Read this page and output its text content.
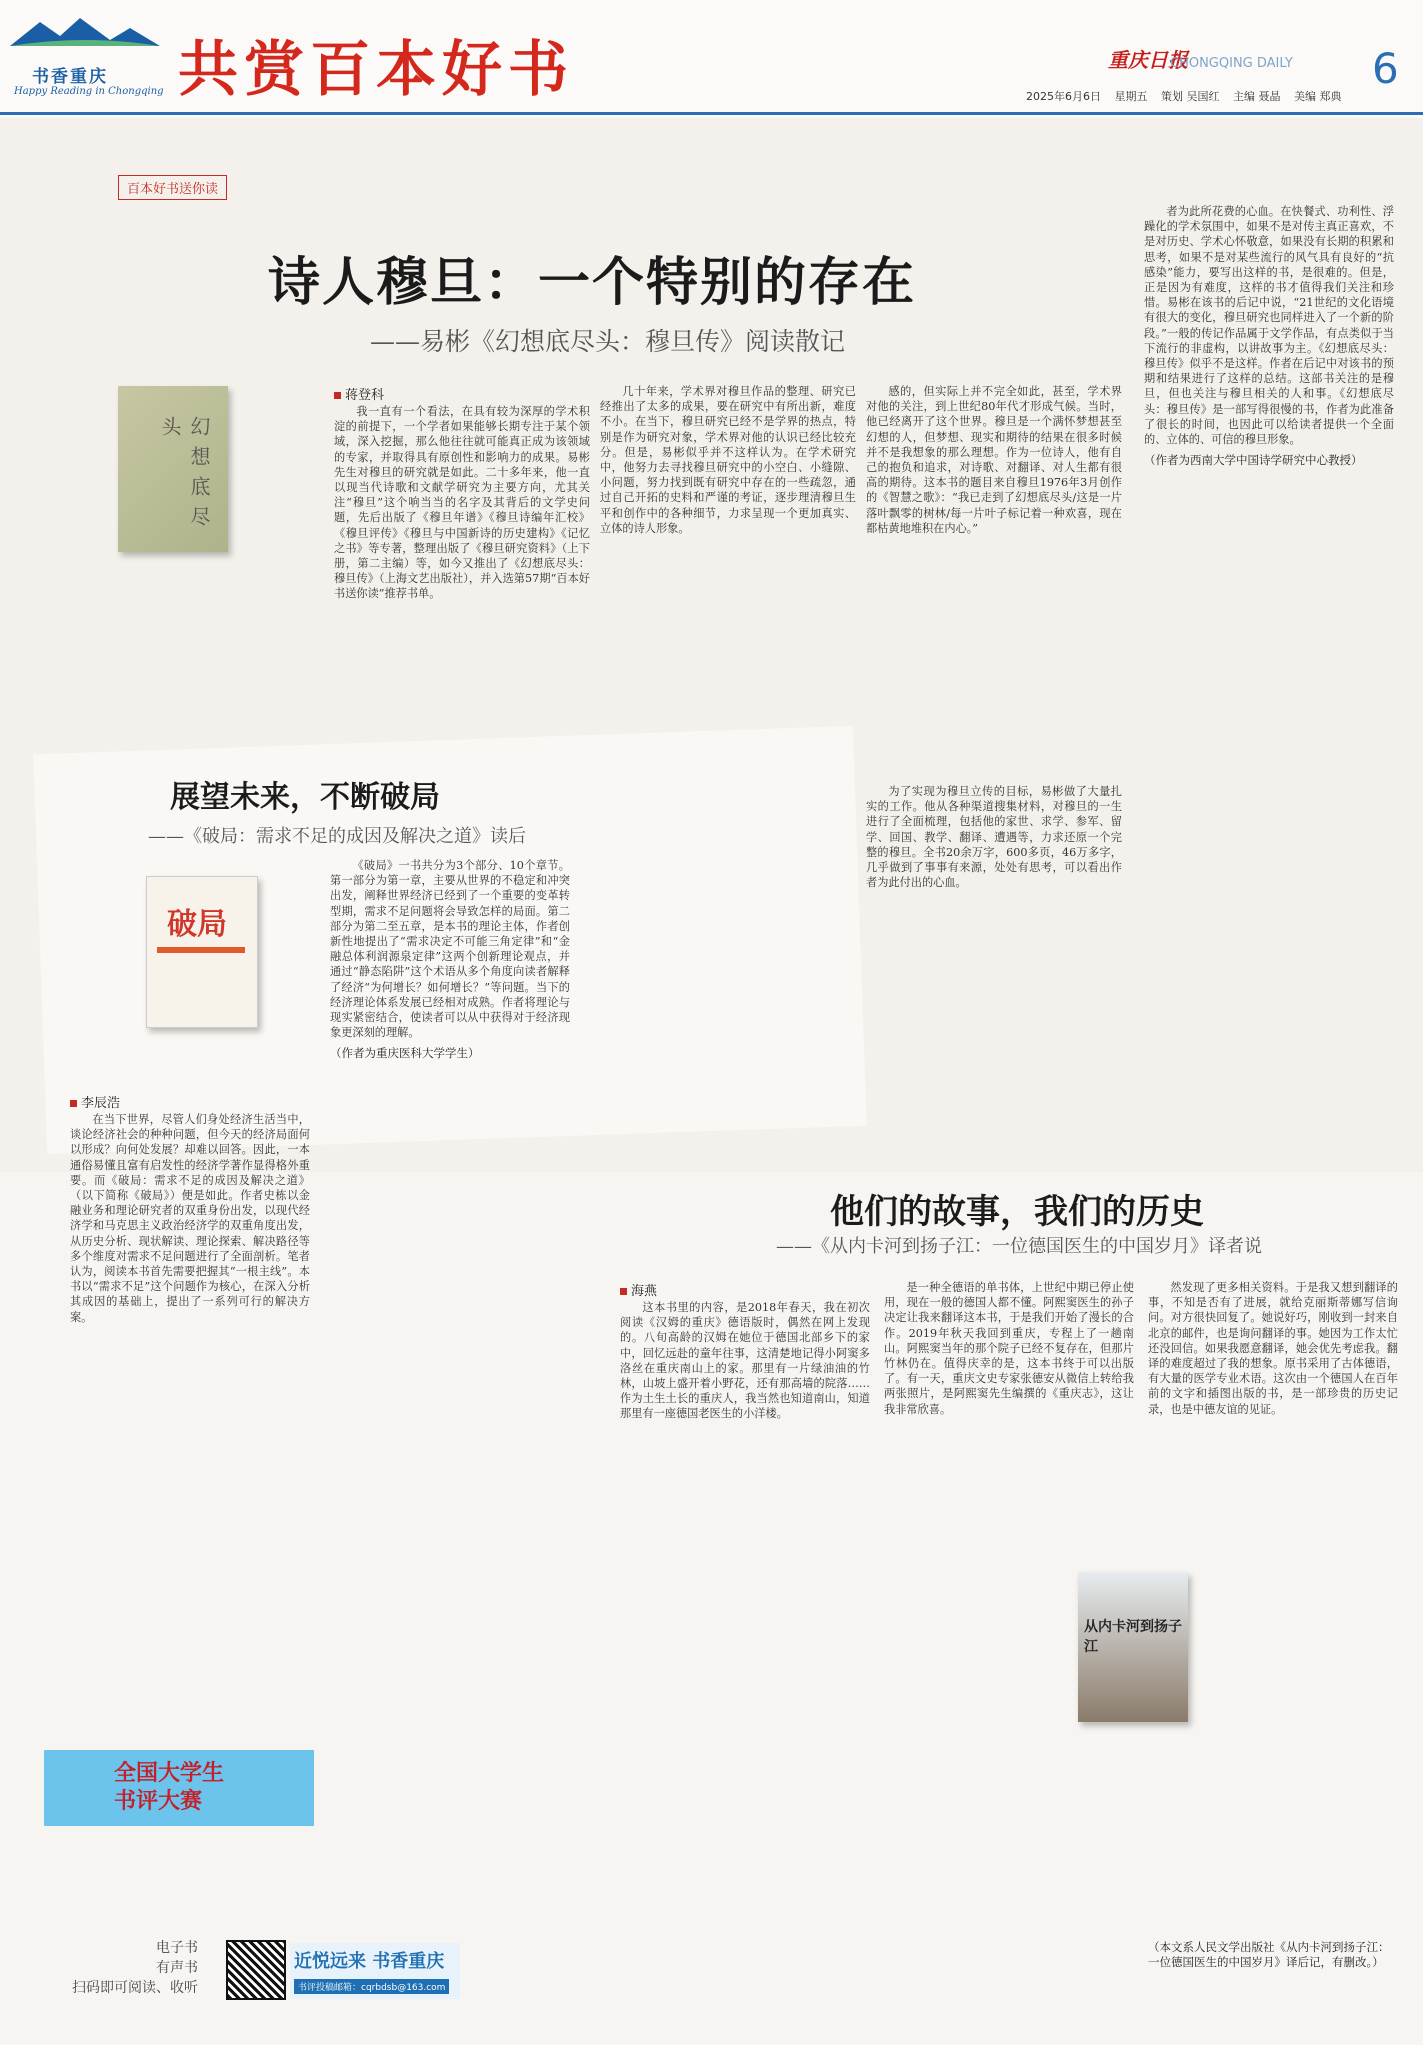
书香重庆
Happy Reading in Chongqing 共赏百本好书	重庆日报
CHONGQING DAILY 6
2025年6月6日 星期五 策划 吴国红 主编 聂晶 美编 郑典
百本好书送你读
诗人穆旦：一个特别的存在
——易彬《幻想底尽头：穆旦传》阅读散记
幻想底尽头
蒋登科

我一直有一个看法，在具有较为深厚的学术积淀的前提下，一个学者如果能够长期专注于某个领域，深入挖掘，那么他往往就可能真正成为该领域的专家，并取得具有原创性和影响力的成果。易彬先生对穆旦的研究就是如此。二十多年来，他一直以现当代诗歌和文献学研究为主要方向，尤其关注“穆旦”这个响当当的名字及其背后的文学史问题，先后出版了《穆旦年谱》《穆旦诗编年汇校》《穆旦评传》《穆旦与中国新诗的历史建构》《记忆之书》等专著，整理出版了《穆旦研究资料》（上下册，第二主编）等，如今又推出了《幻想底尽头：穆旦传》（上海文艺出版社），并入选第57期“百本好书送你读”推荐书单。

几十年来，学术界对穆旦作品的整理、研究已经推出了太多的成果，要在研究中有所出新，难度不小。在当下，穆旦研究已经不是学界的热点，特别是作为研究对象，学术界对他的认识已经比较充分。但是，易彬似乎并不这样认为。在学术研究中，他努力去寻找穆旦研究中的小空白、小缝隙、小问题，努力找到既有研究中存在的一些疏忽，通过自己开拓的史料和严谨的考证，逐步理清穆旦生平和创作中的各种细节，力求呈现一个更加真实、立体的诗人形象。

感的，但实际上并不完全如此，甚至，学术界对他的关注，到上世纪80年代才形成气候。当时，他已经离开了这个世界。穆旦是一个满怀梦想甚至幻想的人，但梦想、现实和期待的结果在很多时候并不是我想象的那么理想。作为一位诗人，他有自己的抱负和追求，对诗歌、对翻译、对人生都有很高的期待。这本书的题目来自穆旦1976年3月创作的《智慧之歌》：“我已走到了幻想底尽头/这是一片落叶飘零的树林/每一片叶子标记着一种欢喜，现在都枯黄地堆积在内心。”

为了实现为穆旦立传的目标，易彬做了大量扎实的工作。他从各种渠道搜集材料，对穆旦的一生进行了全面梳理，包括他的家世、求学、参军、留学、回国、教学、翻译、遭遇等，力求还原一个完整的穆旦。全书20余万字，600多页，46万多字，几乎做到了事事有来源，处处有思考，可以看出作者为此付出的心血。

者为此所花费的心血。在快餐式、功利性、浮躁化的学术氛围中，如果不是对传主真正喜欢，不是对历史、学术心怀敬意，如果没有长期的积累和思考，如果不是对某些流行的风气具有良好的“抗感染”能力，要写出这样的书，是很难的。但是，正是因为有难度，这样的书才值得我们关注和珍惜。易彬在该书的后记中说，“21世纪的文化语境有很大的变化，穆旦研究也同样进入了一个新的阶段。”一般的传记作品属于文学作品，有点类似于当下流行的非虚构，以讲故事为主。《幻想底尽头：穆旦传》似乎不是这样。作者在后记中对该书的预期和结果进行了这样的总结。这部书关注的是穆旦，但也关注与穆旦相关的人和事。《幻想底尽头：穆旦传》是一部写得很慢的书，作者为此准备了很长的时间，也因此可以给读者提供一个全面的、立体的、可信的穆旦形象。

（作者为西南大学中国诗学研究中心教授）

展望未来，不断破局
——《破局：需求不足的成因及解决之道》读后
破局
李辰浩

在当下世界，尽管人们身处经济生活当中，谈论经济社会的种种问题，但今天的经济局面何以形成？向何处发展？却难以回答。因此，一本通俗易懂且富有启发性的经济学著作显得格外重要。而《破局：需求不足的成因及解决之道》（以下简称《破局》）便是如此。作者史栋以金融业务和理论研究者的双重身份出发，以现代经济学和马克思主义政治经济学的双重角度出发，从历史分析、现状解读、理论探索、解决路径等多个维度对需求不足问题进行了全面剖析。笔者认为，阅读本书首先需要把握其“一根主线”。本书以“需求不足”这个问题作为核心，在深入分析其成因的基础上，提出了一系列可行的解决方案。

《破局》一书共分为3个部分、10个章节。第一部分为第一章，主要从世界的不稳定和冲突出发，阐释世界经济已经到了一个重要的变革转型期，需求不足问题将会导致怎样的局面。第二部分为第二至五章，是本书的理论主体，作者创新性地提出了“需求决定不可能三角定律”和“金融总体利润源泉定律”这两个创新理论观点，并通过“静态陷阱”这个术语从多个角度向读者解释了经济“为何增长？如何增长？”等问题。当下的经济理论体系发展已经相对成熟。作者将理论与现实紧密结合，使读者可以从中获得对于经济现象更深刻的理解。

（作者为重庆医科大学学生）

全国大学生
书评大赛
他们的故事，我们的历史
——《从内卡河到扬子江：一位德国医生的中国岁月》译者说
海燕

这本书里的内容，是2018年春天，我在初次阅读《汉姆的重庆》德语版时，偶然在网上发现的。八旬高龄的汉姆在她位于德国北部乡下的家中，回忆远赴的童年往事，这清楚地记得小阿窦多洛丝在重庆南山上的家。那里有一片绿油油的竹林，山坡上盛开着小野花，还有那高墙的院落……作为土生土长的重庆人，我当然也知道南山，知道那里有一座德国老医生的小洋楼。

是一种全德语的单书体，上世纪中期已停止使用，现在一般的德国人都不懂。阿熙窦医生的孙子决定让我来翻译这本书，于是我们开始了漫长的合作。2019年秋天我回到重庆，专程上了一趟南山。阿熙窦当年的那个院子已经不复存在，但那片竹林仍在。值得庆幸的是，这本书终于可以出版了。有一天，重庆文史专家张德安从微信上转给我两张照片，是阿熙窦先生编撰的《重庆志》，这让我非常欣喜。

从内卡河到扬子江

然发现了更多相关资料。于是我又想到翻译的事，不知是否有了进展，就给克丽斯蒂娜写信询问。对方很快回复了。她说好巧，刚收到一封来自北京的邮件，也是询问翻译的事。她因为工作太忙还没回信。如果我愿意翻译，她会优先考虑我。翻译的难度超过了我的想象。原书采用了古体德语，有大量的医学专业术语。这次由一个德国人在百年前的文字和插图出版的书，是一部珍贵的历史记录，也是中德友谊的见证。

（本文系人民文学出版社《从内卡河到扬子江：一位德国医生的中国岁月》译后记，有删改。）
电子书
有声书
扫码即可阅读、收听
近悦远来 书香重庆
书评投稿邮箱：cqrbdsb@163.com
